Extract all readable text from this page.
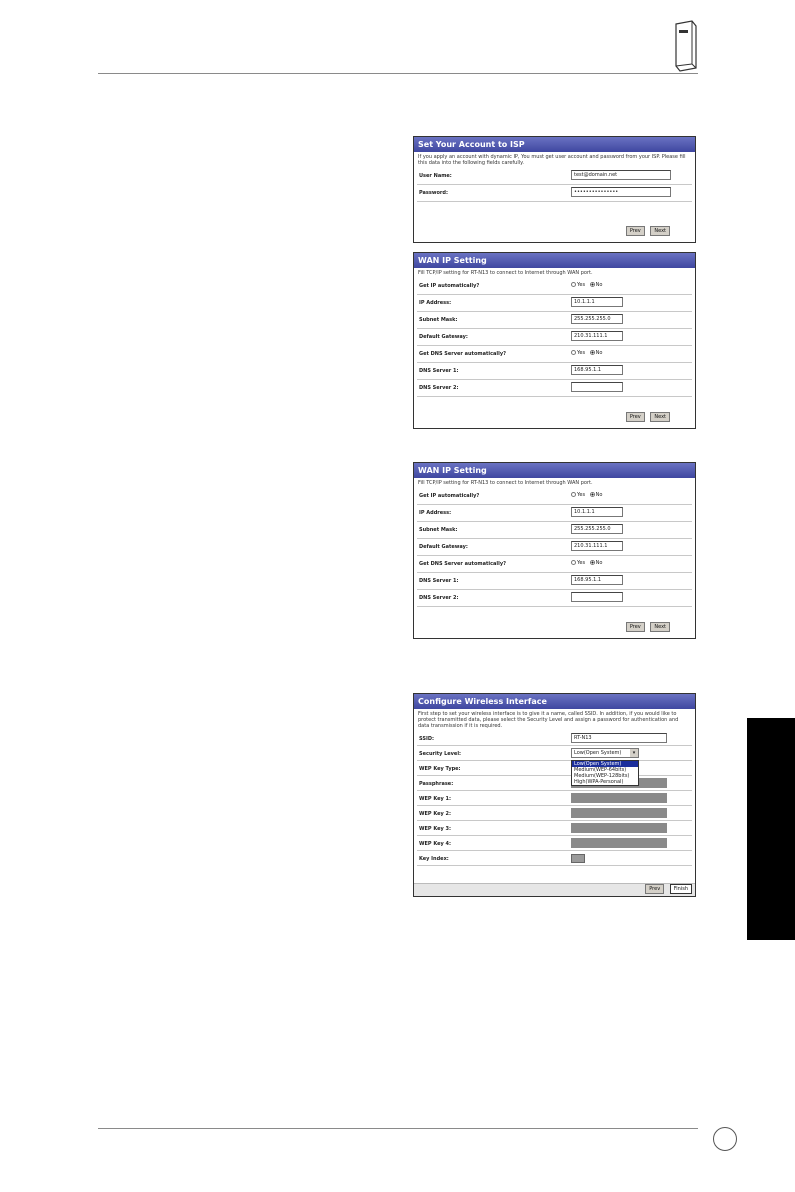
Set Your Account to ISP
If you apply an account with dynamic IP, You must get user account and password from your ISP. Please fill this data into the following fields carefully.
User Name:	test@domain.net
Password:	•••••••••••••••
Prev	Next
WAN IP Setting
Fill TCP/IP setting for RT-N13 to connect to Internet through WAN port.
Get IP automatically?	Yes No
IP Address:	10.1.1.1
Subnet Mask:	255.255.255.0
Default Gateway:	210.31.111.1
Get DNS Server automatically?	Yes No
DNS Server 1:	168.95.1.1
DNS Server 2:
Prev	Next
WAN IP Setting
Fill TCP/IP setting for RT-N13 to connect to Internet through WAN port.
Get IP automatically?	Yes No
IP Address:	10.1.1.1
Subnet Mask:	255.255.255.0
Default Gateway:	210.31.111.1
Get DNS Server automatically?	Yes No
DNS Server 1:	168.95.1.1
DNS Server 2:
Prev	Next
Configure Wireless Interface
First step to set your wireless interface is to give it a name, called SSID. In addition, if you would like to protect transmitted data, please select the Security Level and assign a password for authentication and data transmission if it is required.
SSID:	RT-N13
Security Level:	Low(Open System)	▾
Low(Open System)
Medium(WEP-64bits)
Medium(WEP-128bits)
High(WPA-Personal)
WEP Key Type:
Passphrase:
WEP Key 1:
WEP Key 2:
WEP Key 3:
WEP Key 4:
Key Index:
Prev	Finish
